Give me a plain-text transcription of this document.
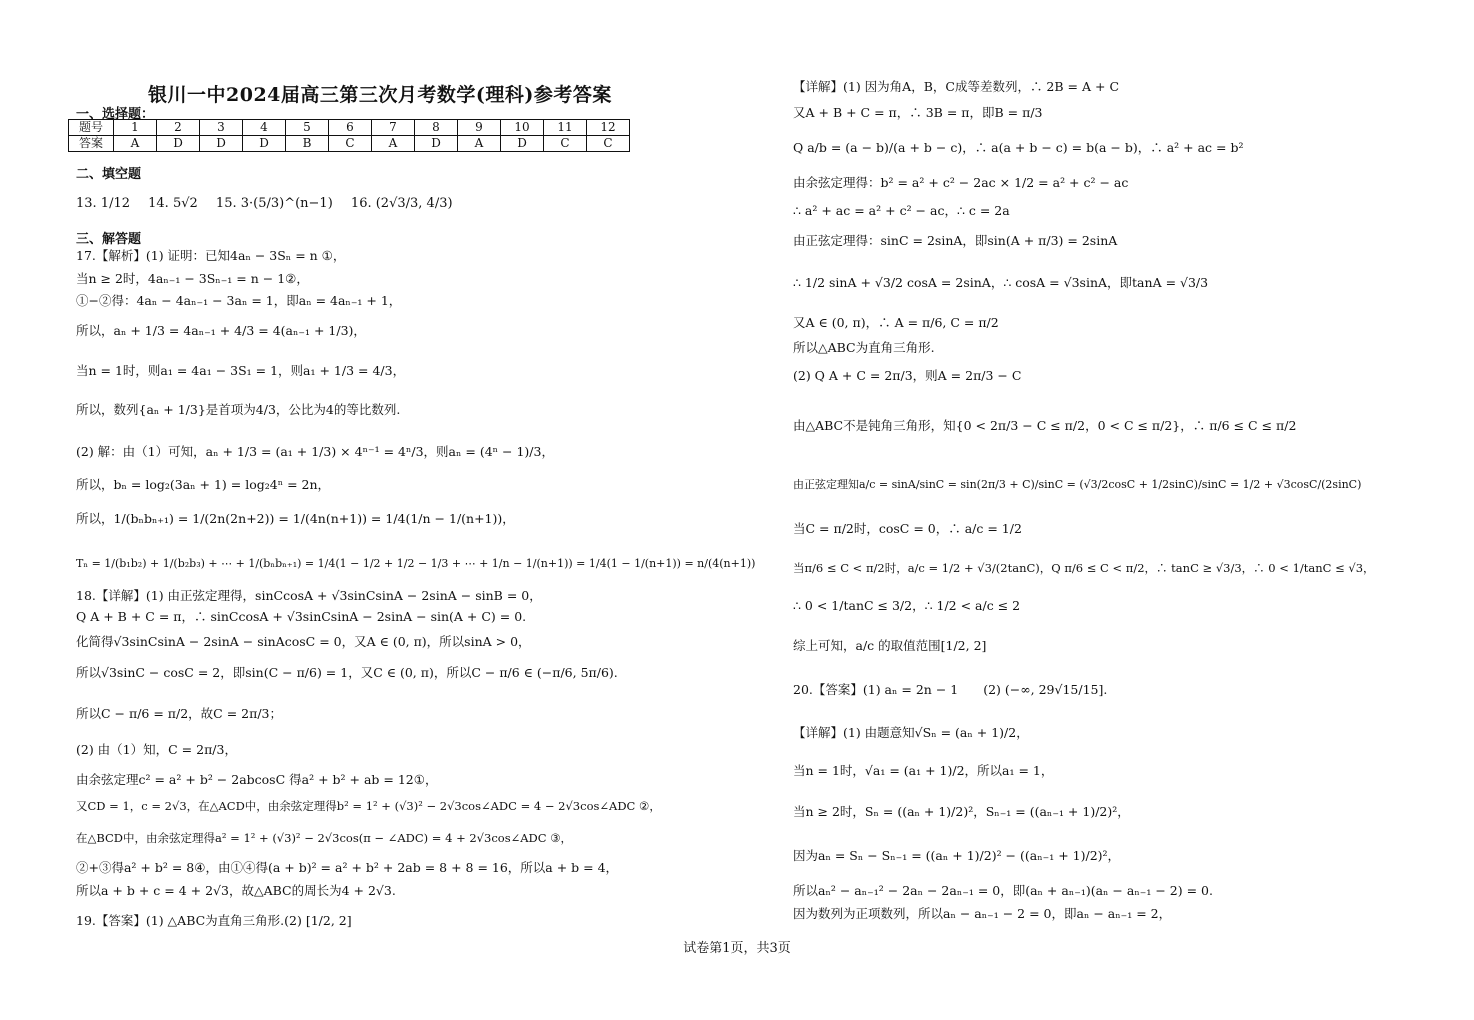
银川一中2024届高三第三次月考数学(理科)参考答案
一、选择题：
题号	1	2	3	4	5	6	7	8	9	10	11	12
答案	A	D	D	D	B	C	A	D	A	D	C	C
二、填空题
13. 1/12 14. 5√2 15. 3·(5/3)^(n−1) 16. (2√3/3, 4/3)
三、解答题
17.【解析】(1) 证明：已知4aₙ − 3Sₙ = n ①，
当n ≥ 2时，4aₙ₋₁ − 3Sₙ₋₁ = n − 1②，
①−②得：4aₙ − 4aₙ₋₁ − 3aₙ = 1，即aₙ = 4aₙ₋₁ + 1，
所以，aₙ + 1/3 = 4aₙ₋₁ + 4/3 = 4(aₙ₋₁ + 1/3)，
当n = 1时，则a₁ = 4a₁ − 3S₁ = 1，则a₁ + 1/3 = 4/3，
所以，数列{aₙ + 1/3}是首项为4/3，公比为4的等比数列.
(2) 解：由（1）可知，aₙ + 1/3 = (a₁ + 1/3) × 4ⁿ⁻¹ = 4ⁿ/3，则aₙ = (4ⁿ − 1)/3，
所以，bₙ = log₂(3aₙ + 1) = log₂4ⁿ = 2n，
所以，1/(bₙbₙ₊₁) = 1/(2n(2n+2)) = 1/(4n(n+1)) = 1/4(1/n − 1/(n+1))，
Tₙ = 1/(b₁b₂) + 1/(b₂b₃) + ⋯ + 1/(bₙbₙ₊₁) = 1/4(1 − 1/2 + 1/2 − 1/3 + ⋯ + 1/n − 1/(n+1)) = 1/4(1 − 1/(n+1)) = n/(4(n+1))
18.【详解】(1) 由正弦定理得，sinCcosA + √3sinCsinA − 2sinA − sinB = 0，
Q A + B + C = π，∴ sinCcosA + √3sinCsinA − 2sinA − sin(A + C) = 0.
化简得√3sinCsinA − 2sinA − sinAcosC = 0，又A ∈ (0, π)，所以sinA > 0，
所以√3sinC − cosC = 2，即sin(C − π/6) = 1，又C ∈ (0, π)，所以C − π/6 ∈ (−π/6, 5π/6).
所以C − π/6 = π/2，故C = 2π/3；
(2) 由（1）知，C = 2π/3，
由余弦定理c² = a² + b² − 2abcosC 得a² + b² + ab = 12①，
又CD = 1，c = 2√3，在△ACD中，由余弦定理得b² = 1² + (√3)² − 2√3cos∠ADC = 4 − 2√3cos∠ADC ②，
在△BCD中，由余弦定理得a² = 1² + (√3)² − 2√3cos(π − ∠ADC) = 4 + 2√3cos∠ADC ③，
②+③得a² + b² = 8④，由①④得(a + b)² = a² + b² + 2ab = 8 + 8 = 16，所以a + b = 4，
所以a + b + c = 4 + 2√3，故△ABC的周长为4 + 2√3.
19.【答案】(1) △ABC为直角三角形.(2) [1/2, 2]
【详解】(1) 因为角A，B，C成等差数列，∴ 2B = A + C
又A + B + C = π，∴ 3B = π，即B = π/3
Q a/b = (a − b)/(a + b − c)，∴ a(a + b − c) = b(a − b)，∴ a² + ac = b²
由余弦定理得：b² = a² + c² − 2ac × 1/2 = a² + c² − ac
∴ a² + ac = a² + c² − ac，∴ c = 2a
由正弦定理得：sinC = 2sinA，即sin(A + π/3) = 2sinA
∴ 1/2 sinA + √3/2 cosA = 2sinA，∴ cosA = √3sinA，即tanA = √3/3
又A ∈ (0, π)，∴ A = π/6, C = π/2
所以△ABC为直角三角形.
(2) Q A + C = 2π/3，则A = 2π/3 − C
由△ABC不是钝角三角形，知{0 < 2π/3 − C ≤ π/2，0 < C ≤ π/2}，∴ π/6 ≤ C ≤ π/2
由正弦定理知a/c = sinA/sinC = sin(2π/3 + C)/sinC = (√3/2cosC + 1/2sinC)/sinC = 1/2 + √3cosC/(2sinC)
当C = π/2时，cosC = 0，∴ a/c = 1/2
当π/6 ≤ C < π/2时，a/c = 1/2 + √3/(2tanC)，Q π/6 ≤ C < π/2，∴ tanC ≥ √3/3，∴ 0 < 1/tanC ≤ √3，
∴ 0 < 1/tanC ≤ 3/2，∴ 1/2 < a/c ≤ 2
综上可知，a/c 的取值范围[1/2, 2]
20.【答案】(1) aₙ = 2n − 1　　(2) (−∞, 29√15/15].
【详解】(1) 由题意知√Sₙ = (aₙ + 1)/2，
当n = 1时，√a₁ = (a₁ + 1)/2，所以a₁ = 1，
当n ≥ 2时，Sₙ = ((aₙ + 1)/2)²，Sₙ₋₁ = ((aₙ₋₁ + 1)/2)²，
因为aₙ = Sₙ − Sₙ₋₁ = ((aₙ + 1)/2)² − ((aₙ₋₁ + 1)/2)²，
所以aₙ² − aₙ₋₁² − 2aₙ − 2aₙ₋₁ = 0，即(aₙ + aₙ₋₁)(aₙ − aₙ₋₁ − 2) = 0.
因为数列为正项数列，所以aₙ − aₙ₋₁ − 2 = 0，即aₙ − aₙ₋₁ = 2，
试卷第1页，共3页
